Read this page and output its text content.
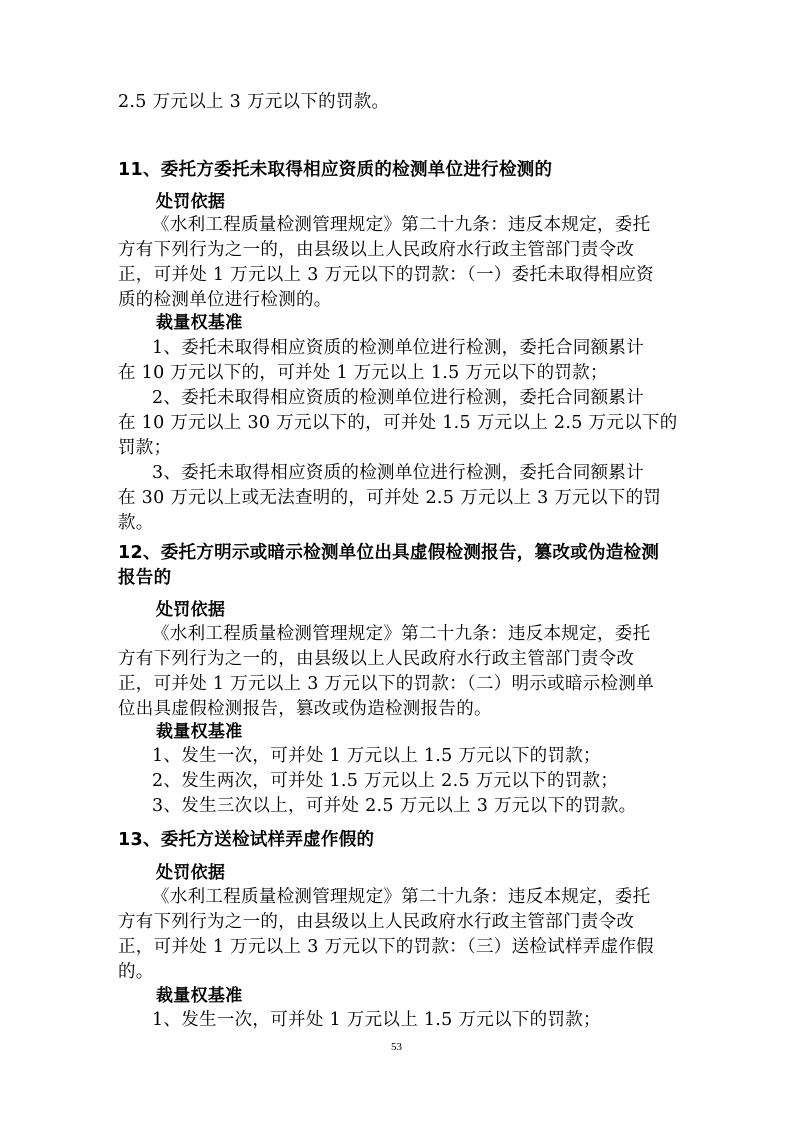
2.5 万元以上 3 万元以下的罚款。
11、委托方委托未取得相应资质的检测单位进行检测的
处罚依据
《水利工程质量检测管理规定》第二十九条：违反本规定，委托
方有下列行为之一的，由县级以上人民政府水行政主管部门责令改
正，可并处 1 万元以上 3 万元以下的罚款：（一）委托未取得相应资
质的检测单位进行检测的。
裁量权基准
1、委托未取得相应资质的检测单位进行检测，委托合同额累计
在 10 万元以下的，可并处 1 万元以上 1.5 万元以下的罚款；
2、委托未取得相应资质的检测单位进行检测，委托合同额累计
在 10 万元以上 30 万元以下的，可并处 1.5 万元以上 2.5 万元以下的
罚款；
3、委托未取得相应资质的检测单位进行检测，委托合同额累计
在 30 万元以上或无法查明的，可并处 2.5 万元以上 3 万元以下的罚
款。
12、委托方明示或暗示检测单位出具虚假检测报告，篡改或伪造检测
报告的
处罚依据
《水利工程质量检测管理规定》第二十九条：违反本规定，委托
方有下列行为之一的，由县级以上人民政府水行政主管部门责令改
正，可并处 1 万元以上 3 万元以下的罚款：（二）明示或暗示检测单
位出具虚假检测报告，篡改或伪造检测报告的。
裁量权基准
1、发生一次，可并处 1 万元以上 1.5 万元以下的罚款；
2、发生两次，可并处 1.5 万元以上 2.5 万元以下的罚款；
3、发生三次以上，可并处 2.5 万元以上 3 万元以下的罚款。
13、委托方送检试样弄虚作假的
处罚依据
《水利工程质量检测管理规定》第二十九条：违反本规定，委托
方有下列行为之一的，由县级以上人民政府水行政主管部门责令改
正，可并处 1 万元以上 3 万元以下的罚款：（三）送检试样弄虚作假
的。
裁量权基准
1、发生一次，可并处 1 万元以上 1.5 万元以下的罚款；
53
